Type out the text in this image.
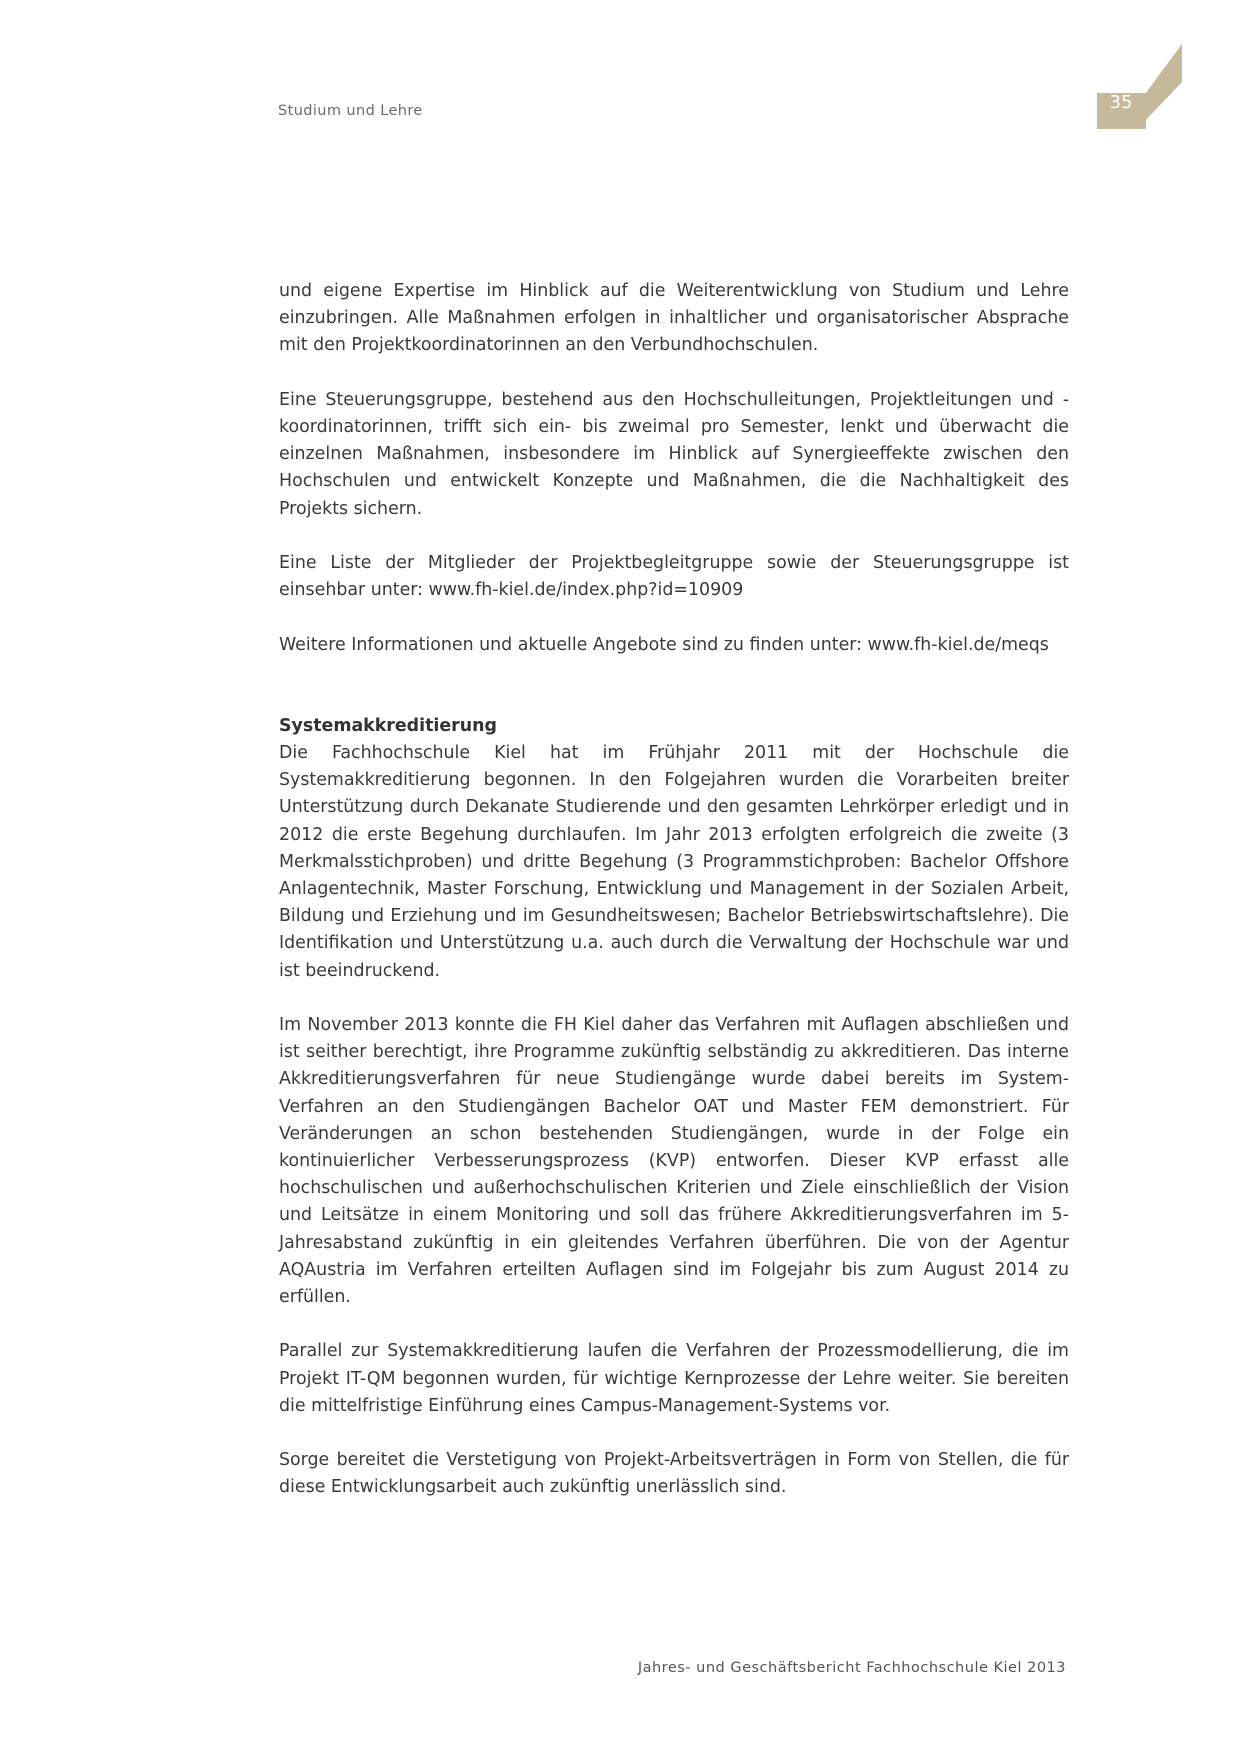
Studium und Lehre	35

und eigene Expertise im Hinblick auf die Weiterentwicklung von Studium und Lehre einzubringen. Alle Maßnahmen erfolgen in inhaltlicher und organisatorischer Absprache mit den Projektkoordinatorinnen an den Verbundhochschulen.

Eine Steuerungsgruppe, bestehend aus den Hochschulleitungen, Projektleitungen und -koordinatorinnen, trifft sich ein- bis zweimal pro Semester, lenkt und überwacht die einzelnen Maßnahmen, insbesondere im Hinblick auf Synergieeffekte zwischen den Hochschulen und entwickelt Konzepte und Maßnahmen, die die Nachhaltigkeit des Projekts sichern.

Eine Liste der Mitglieder der Projektbegleitgruppe sowie der Steuerungsgruppe ist einsehbar unter: www.fh-kiel.de/index.php?id=10909

Weitere Informationen und aktuelle Angebote sind zu finden unter: www.fh-kiel.de/meqs

Systemakkreditierung

Die Fachhochschule Kiel hat im Frühjahr 2011 mit der Hochschule die Systemakkreditierung begonnen. In den Folgejahren wurden die Vorarbeiten breiter Unterstützung durch Dekanate Studierende und den gesamten Lehrkörper erledigt und in 2012 die erste Begehung durchlaufen. Im Jahr 2013 erfolgten erfolgreich die zweite (3 Merkmalsstichproben) und dritte Begehung (3 Programmstichproben: Bachelor Offshore Anlagentechnik, Master Forschung, Entwicklung und Management in der Sozialen Arbeit, Bildung und Erziehung und im Gesundheitswesen; Bachelor Betriebswirtschaftslehre). Die Identifikation und Unterstützung u.a. auch durch die Verwaltung der Hochschule war und ist beeindruckend.

Im November 2013 konnte die FH Kiel daher das Verfahren mit Auflagen abschließen und ist seither berechtigt, ihre Programme zukünftig selbständig zu akkreditieren. Das interne Akkreditierungsverfahren für neue Studiengänge wurde dabei bereits im System-Verfahren an den Studiengängen Bachelor OAT und Master FEM demonstriert. Für Veränderungen an schon bestehenden Studiengängen, wurde in der Folge ein kontinuierlicher Verbesserungsprozess (KVP) entworfen. Dieser KVP erfasst alle hochschulischen und außerhochschulischen Kriterien und Ziele einschließlich der Vision und Leitsätze in einem Monitoring und soll das frühere Akkreditierungsverfahren im 5-Jahresabstand zukünftig in ein gleitendes Verfahren überführen. Die von der Agentur AQAustria im Verfahren erteilten Auflagen sind im Folgejahr bis zum August 2014 zu erfüllen.

Parallel zur Systemakkreditierung laufen die Verfahren der Prozessmodellierung, die im Projekt IT-QM begonnen wurden, für wichtige Kernprozesse der Lehre weiter. Sie bereiten die mittelfristige Einführung eines Campus-Management-Systems vor.

Sorge bereitet die Verstetigung von Projekt-Arbeitsverträgen in Form von Stellen, die für diese Entwicklungsarbeit auch zukünftig unerlässlich sind.

Jahres- und Geschäftsbericht Fachhochschule Kiel 2013
